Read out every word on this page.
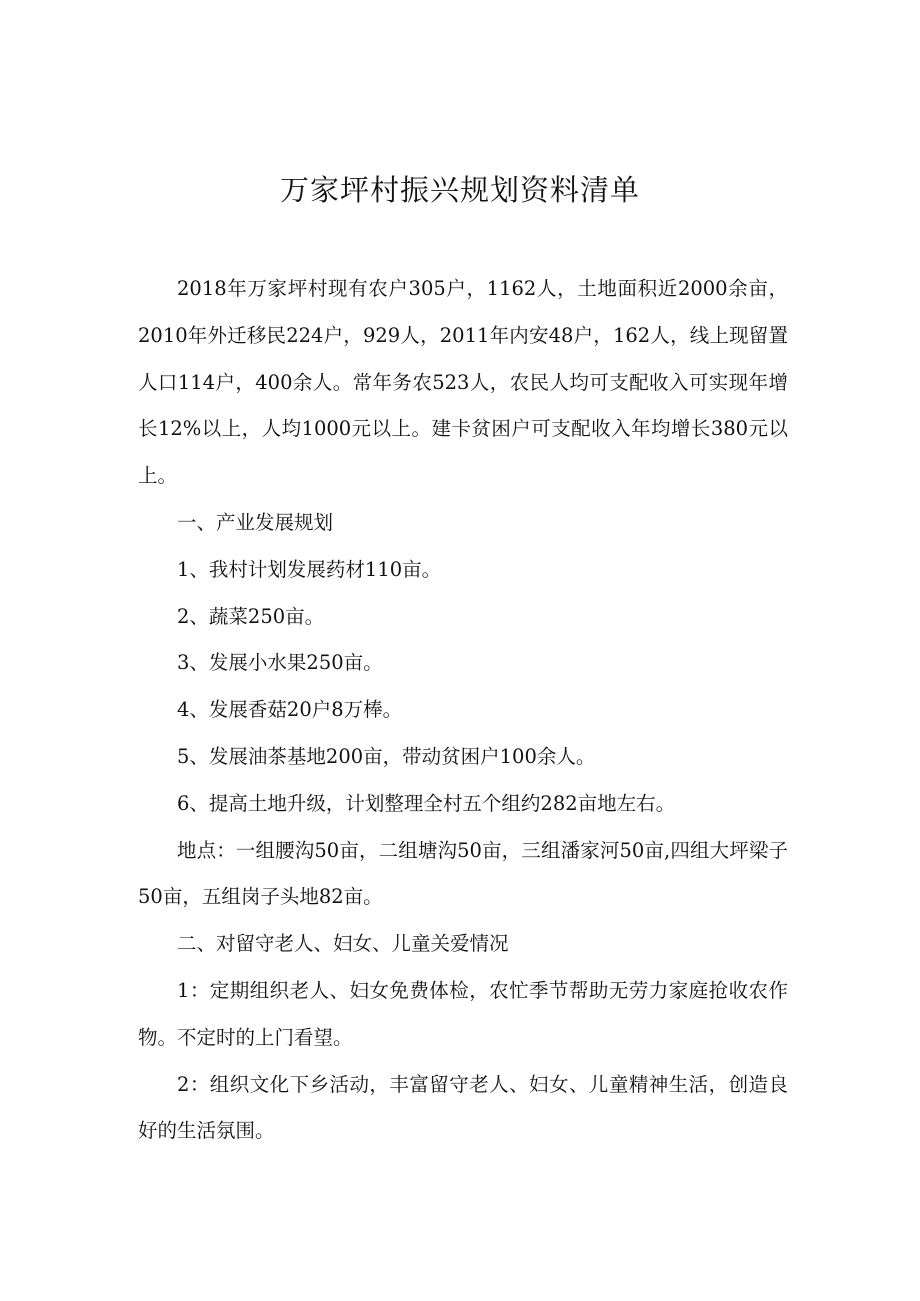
万家坪村振兴规划资料清单

2018年万家坪村现有农户305户，1162人，土地面积近2000余亩，2010年外迁移民224户，929人，2011年内安48户，162人，线上现留置人口114户，400余人。常年务农523人，农民人均可支配收入可实现年增长12%以上，人均1000元以上。建卡贫困户可支配收入年均增长380元以上。

一、产业发展规划

1、我村计划发展药材110亩。

2、蔬菜250亩。

3、发展小水果250亩。

4、发展香菇20户8万棒。

5、发展油茶基地200亩，带动贫困户100余人。

6、提高土地升级，计划整理全村五个组约282亩地左右。

地点：一组腰沟50亩，二组塘沟50亩，三组潘家河50亩,四组大坪梁子50亩，五组岗子头地82亩。

二、对留守老人、妇女、儿童关爱情况

1：定期组织老人、妇女免费体检，农忙季节帮助无劳力家庭抢收农作物。不定时的上门看望。

2：组织文化下乡活动，丰富留守老人、妇女、儿童精神生活，创造良好的生活氛围。
